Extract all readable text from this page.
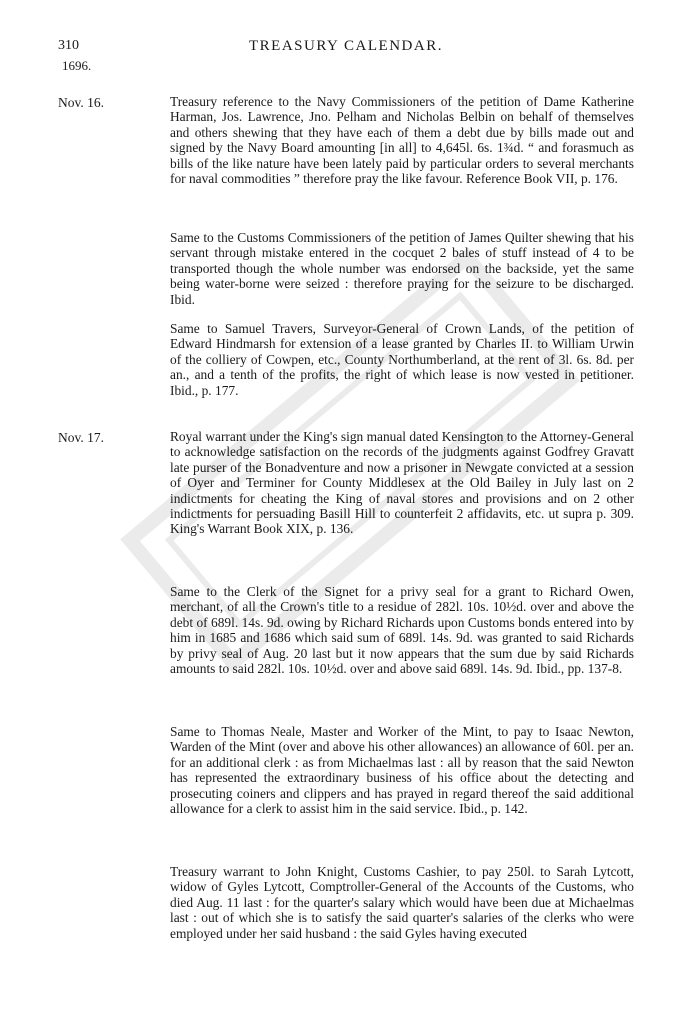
310	TREASURY CALENDAR.
1696.
Nov. 16.	Treasury reference to the Navy Commissioners of the petition of Dame Katherine Harman, Jos. Lawrence, Jno. Pelham and Nicholas Belbin on behalf of themselves and others shewing that they have each of them a debt due by bills made out and signed by the Navy Board amounting [in all] to 4,645l. 6s. 1¾d. “ and forasmuch as bills of the like nature have been lately paid by particular orders to several merchants for naval commodities ” therefore pray the like favour. Reference Book VII, p. 176.

Same to the Customs Commissioners of the petition of James Quilter shewing that his servant through mistake entered in the cocquet 2 bales of stuff instead of 4 to be transported though the whole number was endorsed on the backside, yet the same being water-borne were seized : therefore praying for the seizure to be discharged. Ibid.

Same to Samuel Travers, Surveyor-General of Crown Lands, of the petition of Edward Hindmarsh for extension of a lease granted by Charles II. to William Urwin of the colliery of Cowpen, etc., County Northumberland, at the rent of 3l. 6s. 8d. per an., and a tenth of the profits, the right of which lease is now vested in petitioner. Ibid., p. 177.

Nov. 17.	Royal warrant under the King's sign manual dated Kensington to the Attorney-General to acknowledge satisfaction on the records of the judgments against Godfrey Gravatt late purser of the Bonadventure and now a prisoner in Newgate convicted at a session of Oyer and Terminer for County Middlesex at the Old Bailey in July last on 2 indictments for cheating the King of naval stores and provisions and on 2 other indictments for persuading Basill Hill to counterfeit 2 affidavits, etc. ut supra p. 309. King's Warrant Book XIX, p. 136.

Same to the Clerk of the Signet for a privy seal for a grant to Richard Owen, merchant, of all the Crown's title to a residue of 282l. 10s. 10½d. over and above the debt of 689l. 14s. 9d. owing by Richard Richards upon Customs bonds entered into by him in 1685 and 1686 which said sum of 689l. 14s. 9d. was granted to said Richards by privy seal of Aug. 20 last but it now appears that the sum due by said Richards amounts to said 282l. 10s. 10½d. over and above said 689l. 14s. 9d. Ibid., pp. 137-8.

Same to Thomas Neale, Master and Worker of the Mint, to pay to Isaac Newton, Warden of the Mint (over and above his other allowances) an allowance of 60l. per an. for an additional clerk : as from Michaelmas last : all by reason that the said Newton has represented the extraordinary business of his office about the detecting and prosecuting coiners and clippers and has prayed in regard thereof the said additional allowance for a clerk to assist him in the said service. Ibid., p. 142.

Treasury warrant to John Knight, Customs Cashier, to pay 250l. to Sarah Lytcott, widow of Gyles Lytcott, Comptroller-General of the Accounts of the Customs, who died Aug. 11 last : for the quarter's salary which would have been due at Michaelmas last : out of which she is to satisfy the said quarter's salaries of the clerks who were employed under her said husband : the said Gyles having executed
